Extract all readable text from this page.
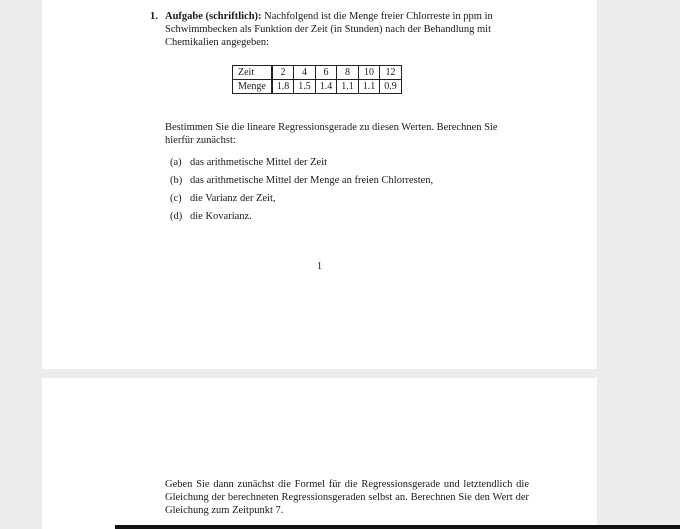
1. Aufgabe (schriftlich): Nachfolgend ist die Menge freier Chlorreste in ppm in Schwimmbecken als Funktion der Zeit (in Stunden) nach der Behandlung mit Chemikalien angegeben:
Zeit	2	4	6	8	10	12
Menge	1.8	1.5	1.4	1.1	1.1	0.9
Bestimmen Sie die lineare Regressionsgerade zu diesen Werten. Berechnen Sie hierfür zunächst:
(a) das arithmetische Mittel der Zeit
(b) das arithmetische Mittel der Menge an freien Chlorresten,
(c) die Varianz der Zeit,
(d) die Kovarianz.
1
Geben Sie dann zunächst die Formel für die Regressionsgerade und letztendlich die Gleichung der berechneten Regressionsgeraden selbst an. Berechnen Sie den Wert der Gleichung zum Zeitpunkt 7.
